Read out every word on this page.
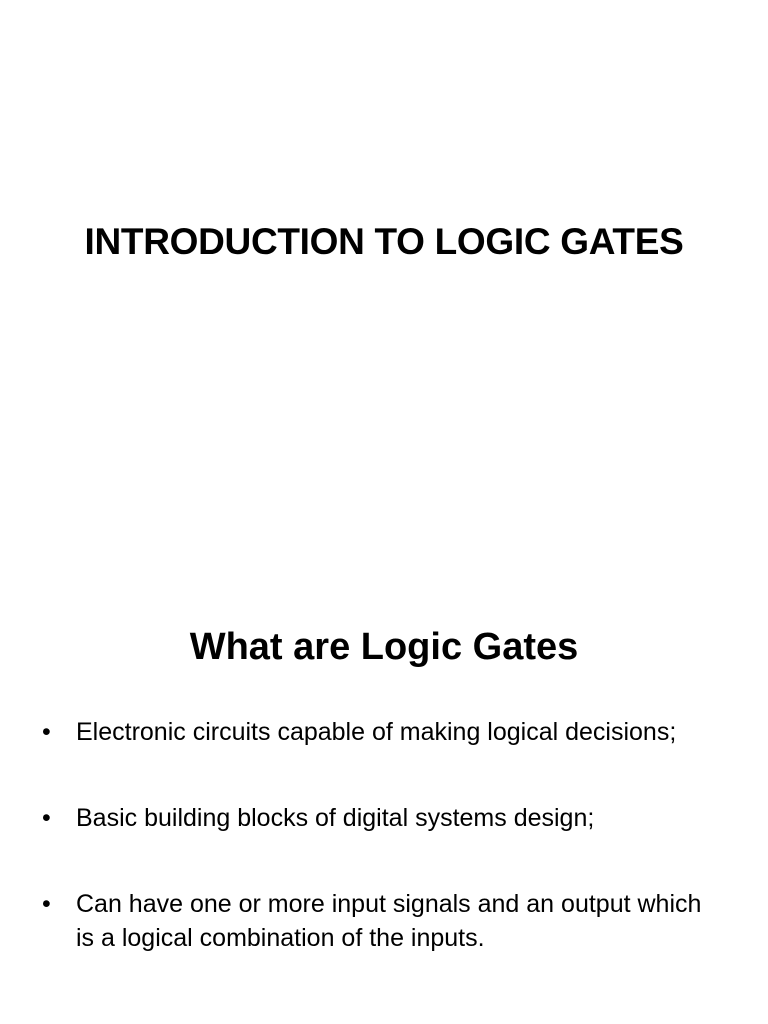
INTRODUCTION TO LOGIC GATES
What are Logic Gates
• Electronic circuits capable of making logical decisions;
• Basic building blocks of digital systems design;
• Can have one or more input signals and an output which is a logical combination of the inputs.
